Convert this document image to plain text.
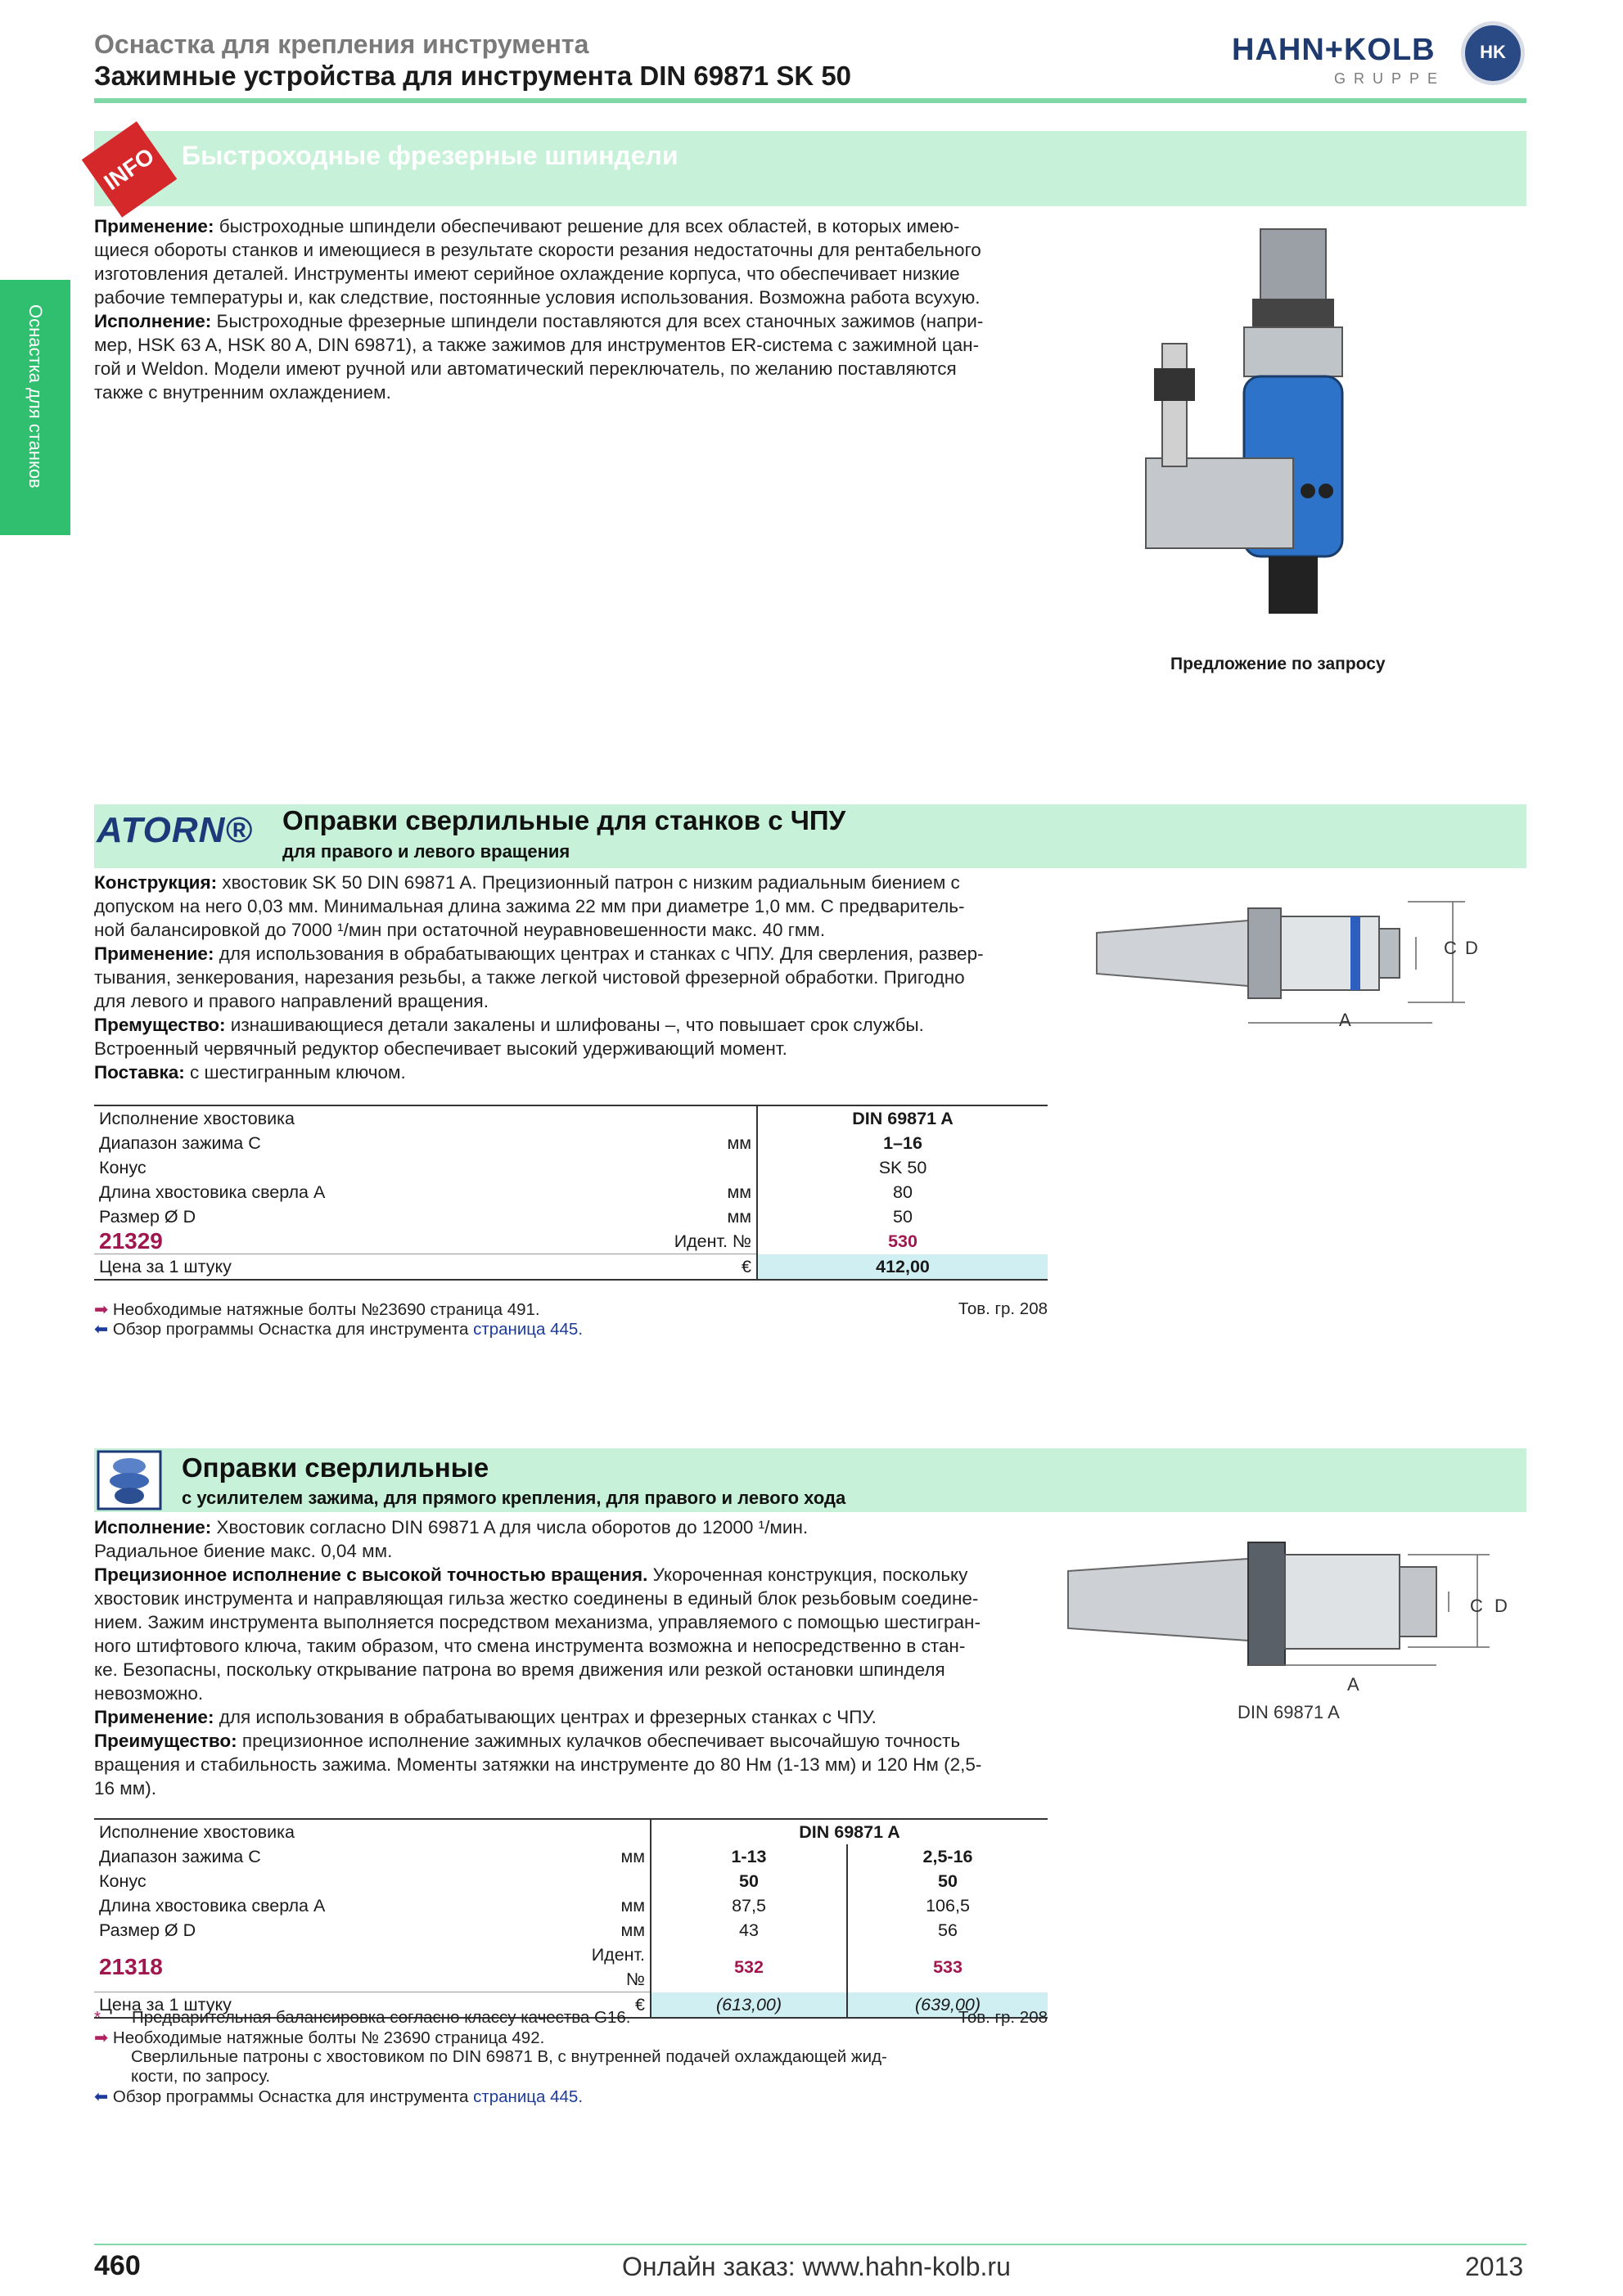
Оснастка для крепления инструмента
Зажимные устройства для инструмента DIN 69871 SK 50
HAHN+KOLB
GRUPPE
HK
Оснастка для станков
INFO Быстроходные фрезерные шпиндели
Применение: быстроходные шпиндели обеспечивают решение для всех областей, в которых имею-
щиеся обороты станков и имеющиеся в результате скорости резания недостаточны для рентабельного
изготовления деталей. Инструменты имеют серийное охлаждение корпуса, что обеспечивает низкие
рабочие температуры и, как следствие, постоянные условия использования. Возможна работа всухую.
Исполнение: Быстроходные фрезерные шпиндели поставляются для всех станочных зажимов (напри-
мер, HSK 63 A, HSK 80 A, DIN 69871), а также зажимов для инструментов ER-система с зажимной цан-
гой и Weldon. Модели имеют ручной или автоматический переключатель, по желанию поставляются
также с внутренним охлаждением.
Предложение по запросу
ATORN® Оправки сверлильные для станков с ЧПУ
для правого и левого вращения
Конструкция: хвостовик SK 50 DIN 69871 A. Прецизионный патрон с низким радиальным биением с
допуском на него 0,03 мм. Минимальная длина зажима 22 мм при диаметре 1,0 мм. С предваритель-
ной балансировкой до 7000 ¹/мин при остаточной неуравновешенности макс. 40 гмм.
Применение: для использования в обрабатывающих центрах и станках с ЧПУ. Для сверления, развер-
тывания, зенкерования, нарезания резьбы, а также легкой чистовой фрезерной обработки. Пригодно
для левого и правого направлений вращения.
Премущество: изнашивающиеся детали закалены и шлифованы –, что повышает срок службы.
Встроенный червячный редуктор обеспечивает высокий удерживающий момент.
Поставка: с шестигранным ключом.
C D
A
Исполнение хвостовика		DIN 69871 A
Диапазон зажима С	мм	1–16
Конус		SK 50
Длина хвостовика сверла А	мм	80
Размер Ø D	мм	50
21329	Идент. №	530
Цена за 1 штуку	€	412,00
➡ Необходимые натяжные болты №23690 страница 491.	Тов. гр. 208
⬅ Обзор программы Оснастка для инструмента страница 445.
Оправки сверлильные
с усилителем зажима, для прямого крепления, для правого и левого хода
Исполнение: Хвостовик согласно DIN 69871 A для числа оборотов до 12000 ¹/мин.
Радиальное биение макс. 0,04 мм.
Прецизионное исполнение с высокой точностью вращения. Укороченная конструкция, поскольку
хвостовик инструмента и направляющая гильза жестко соединены в единый блок резьбовым соедине-
нием. Зажим инструмента выполняется посредством механизма, управляемого с помощью шестигран-
ного штифтового ключа, таким образом, что смена инструмента возможна и непосредственно в стан-
ке. Безопасны, поскольку открывание патрона во время движения или резкой остановки шпинделя
невозможно.
Применение: для использования в обрабатывающих центрах и фрезерных станках с ЧПУ.
Преимущество: прецизионное исполнение зажимных кулачков обеспечивает высочайшую точность
вращения и стабильность зажима. Моменты затяжки на инструменте до 80 Нм (1-13 мм) и 120 Нм (2,5-
16 мм).
C D
A
DIN 69871 A
Исполнение хвостовика		DIN 69871 A	
Диапазон зажима С	мм	1-13	2,5-16
Конус		50	50
Длина хвостовика сверла А	мм	87,5	106,5
Размер Ø D	мм	43	56
21318	Идент. №	532	533
Цена за 1 штуку	€	(613,00)	(639,00)
* Предварительная балансировка согласно классу качества G16.	Тов. гр. 208
➡ Необходимые натяжные болты № 23690 страница 492.
Сверлильные патроны с хвостовиком по DIN 69871 B, с внутренней подачей охлаждающей жид-
кости, по запросу.
⬅ Обзор программы Оснастка для инструмента страница 445.
460	Онлайн заказ: www.hahn-kolb.ru	2013
